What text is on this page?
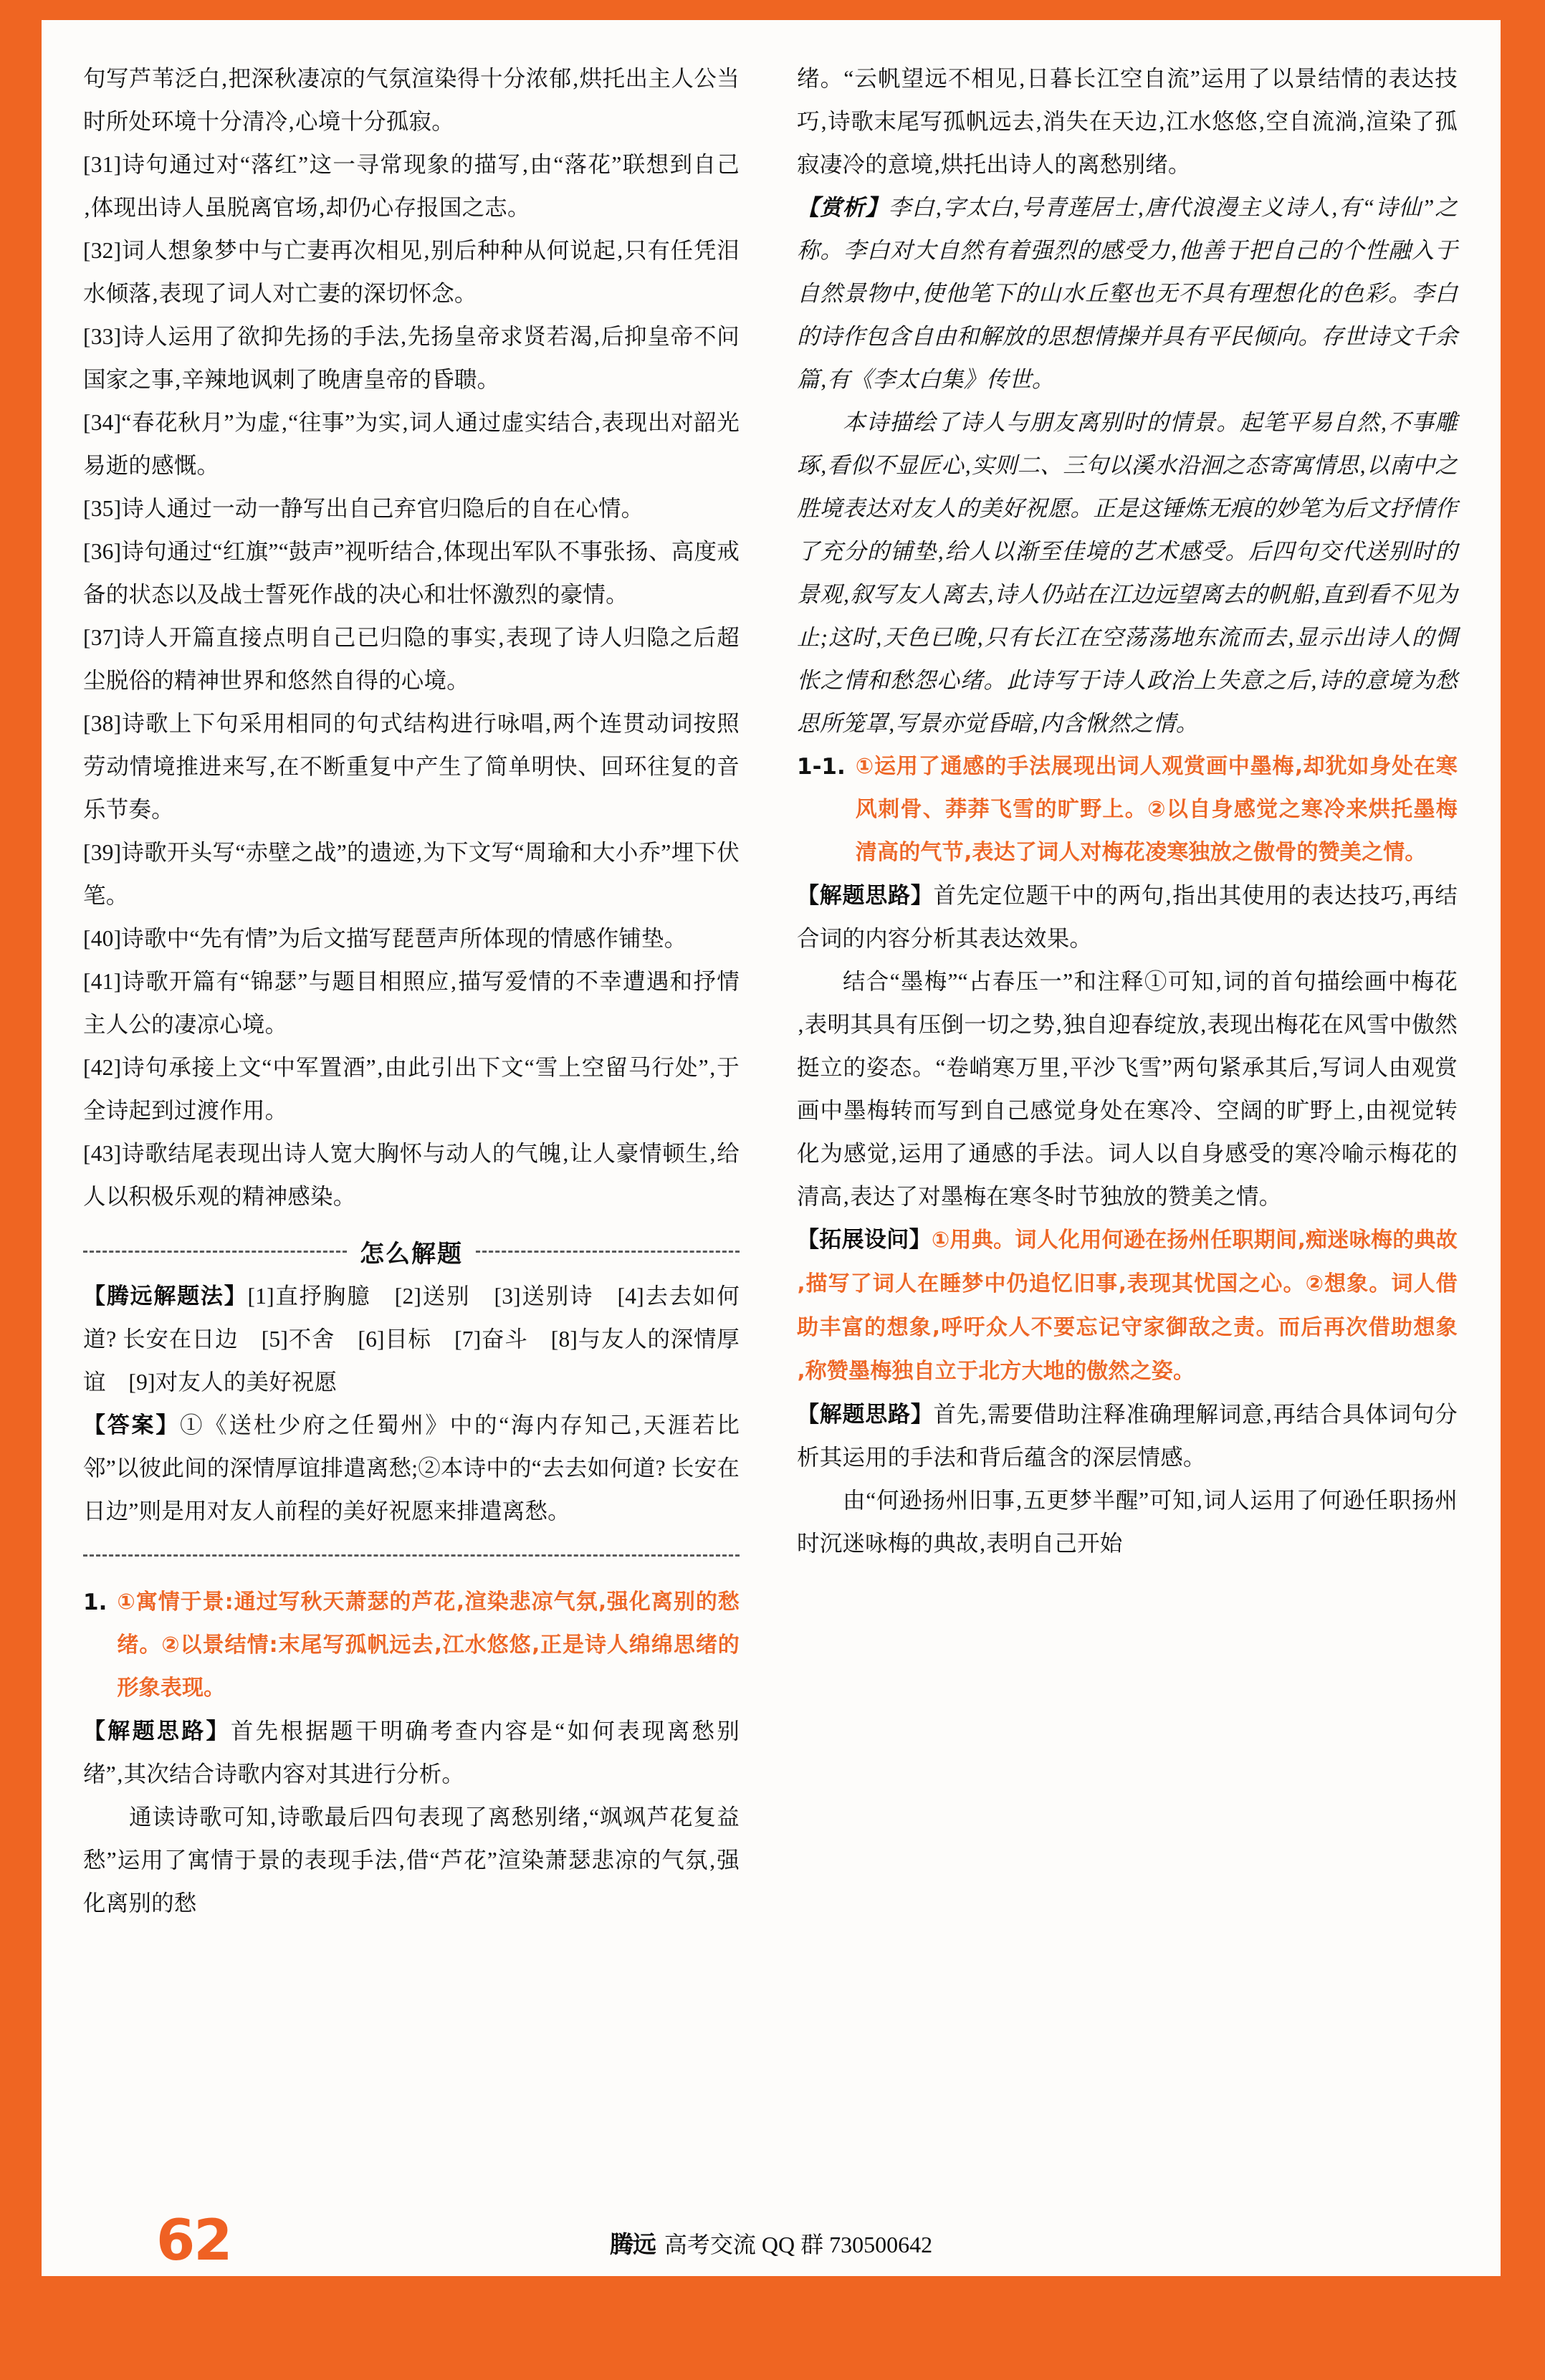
句写芦苇泛白‚把深秋凄凉的气氛渲染得十分浓郁‚烘托出主人公当时所处环境十分清冷‚心境十分孤寂。

[31]诗句通过对“落红”这一寻常现象的描写‚由“落花”联想到自己‚体现出诗人虽脱离官场‚却仍心存报国之志。

[32]词人想象梦中与亡妻再次相见‚别后种种从何说起‚只有任凭泪水倾落‚表现了词人对亡妻的深切怀念。

[33]诗人运用了欲抑先扬的手法‚先扬皇帝求贤若渴‚后抑皇帝不问国家之事‚辛辣地讽刺了晚唐皇帝的昏聩。

[34]“春花秋月”为虚‚“往事”为实‚词人通过虚实结合‚表现出对韶光易逝的感慨。

[35]诗人通过一动一静写出自己弃官归隐后的自在心情。

[36]诗句通过“红旗”“鼓声”视听结合‚体现出军队不事张扬、高度戒备的状态以及战士誓死作战的决心和壮怀激烈的豪情。

[37]诗人开篇直接点明自己已归隐的事实‚表现了诗人归隐之后超尘脱俗的精神世界和悠然自得的心境。

[38]诗歌上下句采用相同的句式结构进行咏唱‚两个连贯动词按照劳动情境推进来写‚在不断重复中产生了简单明快、回环往复的音乐节奏。

[39]诗歌开头写“赤壁之战”的遗迹‚为下文写“周瑜和大小乔”埋下伏笔。

[40]诗歌中“先有情”为后文描写琵琶声所体现的情感作铺垫。

[41]诗歌开篇有“锦瑟”与题目相照应‚描写爱情的不幸遭遇和抒情主人公的凄凉心境。

[42]诗句承接上文“中军置酒”‚由此引出下文“雪上空留马行处”‚于全诗起到过渡作用。

[43]诗歌结尾表现出诗人宽大胸怀与动人的气魄‚让人豪情顿生‚给人以积极乐观的精神感染。

怎么解题

【腾远解题法】[1]直抒胸臆　[2]送别　[3]送别诗　[4]去去如何道? 长安在日边　[5]不舍　[6]目标　[7]奋斗　[8]与友人的深情厚谊　[9]对友人的美好祝愿

【答案】①《送杜少府之任蜀州》中的“海内存知己‚天涯若比邻”以彼此间的深情厚谊排遣离愁;②本诗中的“去去如何道? 长安在日边”则是用对友人前程的美好祝愿来排遣离愁。

1. ①寓情于景:通过写秋天萧瑟的芦花‚渲染悲凉气氛‚强化离别的愁绪。②以景结情:末尾写孤帆远去‚江水悠悠‚正是诗人绵绵思绪的形象表现。

【解题思路】首先根据题干明确考查内容是“如何表现离愁别绪”‚其次结合诗歌内容对其进行分析。

通读诗歌可知‚诗歌最后四句表现了离愁别绪‚“飒飒芦花复益愁”运用了寓情于景的表现手法‚借“芦花”渲染萧瑟悲凉的气氛‚强化离别的愁

绪。“云帆望远不相见‚日暮长江空自流”运用了以景结情的表达技巧‚诗歌末尾写孤帆远去‚消失在天边‚江水悠悠‚空自流淌‚渲染了孤寂凄冷的意境‚烘托出诗人的离愁别绪。

【赏析】李白‚字太白‚号青莲居士‚唐代浪漫主义诗人‚有“诗仙”之称。李白对大自然有着强烈的感受力‚他善于把自己的个性融入于自然景物中‚使他笔下的山水丘壑也无不具有理想化的色彩。李白的诗作包含自由和解放的思想情操并具有平民倾向。存世诗文千余篇‚有《李太白集》传世。

本诗描绘了诗人与朋友离别时的情景。起笔平易自然‚不事雕琢‚看似不显匠心‚实则二、三句以溪水沿洄之态寄寓情思‚以南中之胜境表达对友人的美好祝愿。正是这锤炼无痕的妙笔为后文抒情作了充分的铺垫‚给人以渐至佳境的艺术感受。后四句交代送别时的景观‚叙写友人离去‚诗人仍站在江边远望离去的帆船‚直到看不见为止;这时‚天色已晚‚只有长江在空荡荡地东流而去‚显示出诗人的惆怅之情和愁怨心绪。此诗写于诗人政治上失意之后‚诗的意境为愁思所笼罩‚写景亦觉昏暗‚内含愀然之情。

1-1. ①运用了通感的手法展现出词人观赏画中墨梅‚却犹如身处在寒风刺骨、莽莽飞雪的旷野上。②以自身感觉之寒冷来烘托墨梅清高的气节‚表达了词人对梅花凌寒独放之傲骨的赞美之情。

【解题思路】首先定位题干中的两句‚指出其使用的表达技巧‚再结合词的内容分析其表达效果。

结合“墨梅”“占春压一”和注释①可知‚词的首句描绘画中梅花‚表明其具有压倒一切之势‚独自迎春绽放‚表现出梅花在风雪中傲然挺立的姿态。“卷峭寒万里‚平沙飞雪”两句紧承其后‚写词人由观赏画中墨梅转而写到自己感觉身处在寒冷、空阔的旷野上‚由视觉转化为感觉‚运用了通感的手法。词人以自身感受的寒冷喻示梅花的清高‚表达了对墨梅在寒冬时节独放的赞美之情。

【拓展设问】①用典。词人化用何逊在扬州任职期间‚痴迷咏梅的典故‚描写了词人在睡梦中仍追忆旧事‚表现其忧国之心。②想象。词人借助丰富的想象‚呼吁众人不要忘记守家御敌之责。而后再次借助想象‚称赞墨梅独自立于北方大地的傲然之姿。

【解题思路】首先‚需要借助注释准确理解词意‚再结合具体词句分析其运用的手法和背后蕴含的深层情感。

由“何逊扬州旧事‚五更梦半醒”可知‚词人运用了何逊任职扬州时沉迷咏梅的典故‚表明自己开始

62	腾远 高考交流 QQ 群 730500642
